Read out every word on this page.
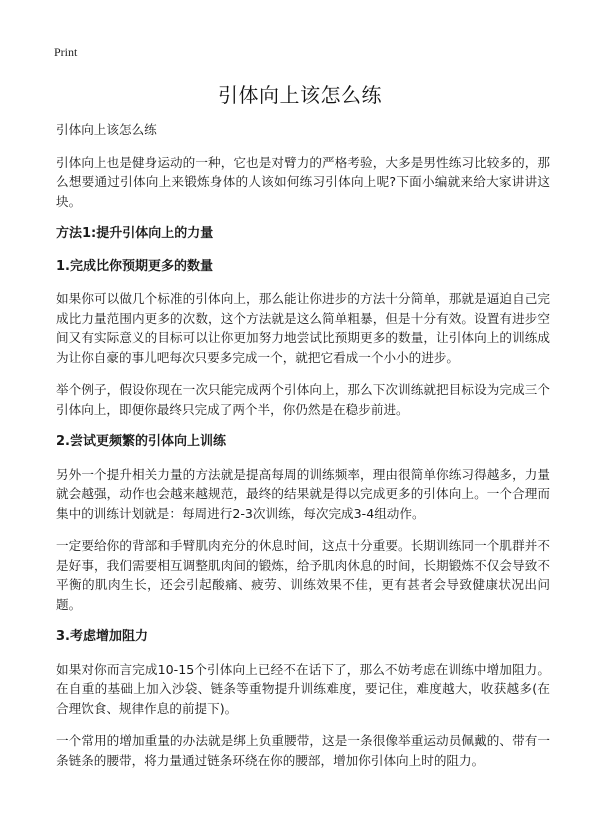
Print
引体向上该怎么练

引体向上该怎么练

引体向上也是健身运动的一种，它也是对臂力的严格考验，大多是男性练习比较多的，那么想要通过引体向上来锻炼身体的人该如何练习引体向上呢?下面小编就来给大家讲讲这块。

方法1:提升引体向上的力量
1.完成比你预期更多的数量

如果你可以做几个标准的引体向上，那么能让你进步的方法十分简单，那就是逼迫自己完成比力量范围内更多的次数，这个方法就是这么简单粗暴，但是十分有效。设置有进步空间又有实际意义的目标可以让你更加努力地尝试比预期更多的数量，让引体向上的训练成为让你自豪的事儿吧每次只要多完成一个，就把它看成一个小小的进步。

举个例子，假设你现在一次只能完成两个引体向上，那么下次训练就把目标设为完成三个引体向上，即便你最终只完成了两个半，你仍然是在稳步前进。

2.尝试更频繁的引体向上训练

另外一个提升相关力量的方法就是提高每周的训练频率，理由很简单你练习得越多，力量就会越强，动作也会越来越规范，最终的结果就是得以完成更多的引体向上。一个合理而集中的训练计划就是：每周进行2-3次训练，每次完成3-4组动作。

一定要给你的背部和手臂肌肉充分的休息时间，这点十分重要。长期训练同一个肌群并不是好事，我们需要相互调整肌肉间的锻炼，给予肌肉休息的时间，长期锻炼不仅会导致不平衡的肌肉生长，还会引起酸痛、疲劳、训练效果不佳，更有甚者会导致健康状况出问题。

3.考虑增加阻力

如果对你而言完成10-15个引体向上已经不在话下了，那么不妨考虑在训练中增加阻力。在自重的基础上加入沙袋、链条等重物提升训练难度，要记住，难度越大，收获越多(在合理饮食、规律作息的前提下)。

一个常用的增加重量的办法就是绑上负重腰带，这是一条很像举重运动员佩戴的、带有一条链条的腰带，将力量通过链条环绕在你的腰部，增加你引体向上时的阻力。
